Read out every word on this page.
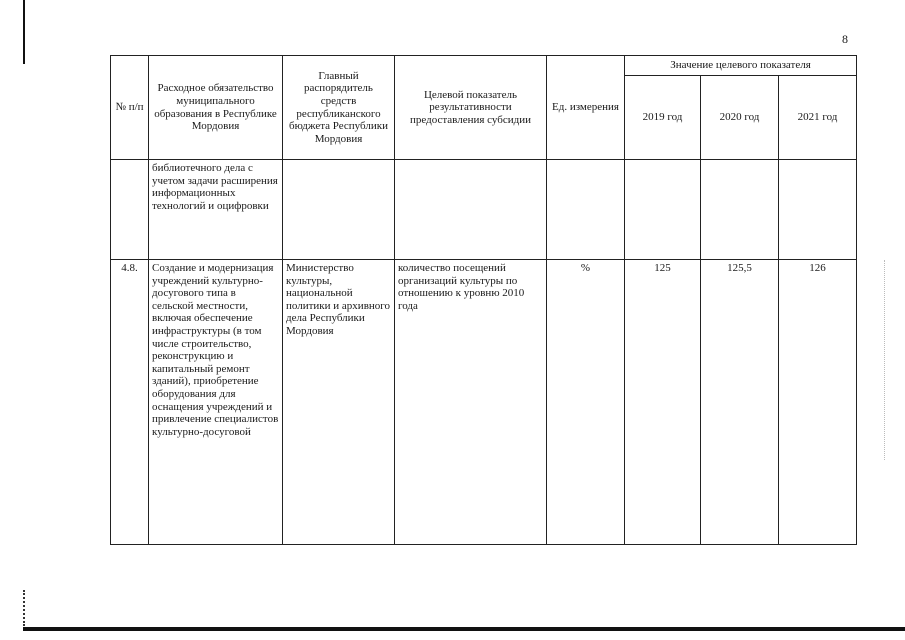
8
№ п/п	Расходное обязательство муниципального образования в Республике Мордовия	Главный распорядитель средств республиканского бюджета Республики Мордовия	Целевой показатель результативности предоставления субсидии	Ед. измерения	Значение целевого показателя		
					2019 год	2020 год	2021 год
	библиотечного дела с учетом задачи расширения информационных технологий и оцифровки						
4.8.	Создание и модернизация учреждений культурно-досугового типа в сельской местности, включая обеспечение инфраструктуры (в том числе строительство, реконструкцию и капитальный ремонт зданий), приобретение оборудования для оснащения учреждений и привлечение специалистов культурно-досуговой	Министерство культуры, национальной политики и архивного дела Республики Мордовия	количество посещений организаций культуры по отношению к уровню 2010 года	%	125	125,5	126
